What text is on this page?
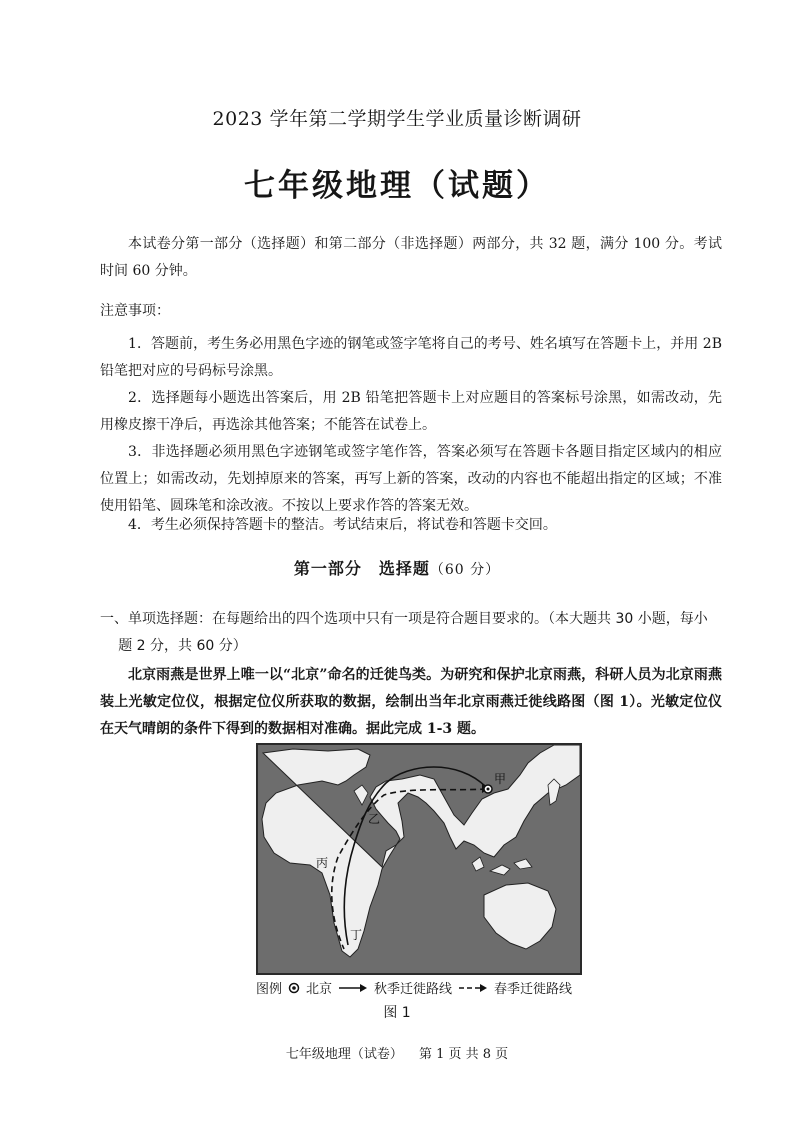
2023 学年第二学期学生学业质量诊断调研
七年级地理（试题）
本试卷分第一部分（选择题）和第二部分（非选择题）两部分，共 32 题，满分 100 分。考试时间 60 分钟。
注意事项：
1．答题前，考生务必用黑色字迹的钢笔或签字笔将自己的考号、姓名填写在答题卡上，并用 2B 铅笔把对应的号码标号涂黑。
2．选择题每小题选出答案后，用 2B 铅笔把答题卡上对应题目的答案标号涂黑，如需改动，先用橡皮擦干净后，再选涂其他答案；不能答在试卷上。
3．非选择题必须用黑色字迹钢笔或签字笔作答，答案必须写在答题卡各题目指定区域内的相应位置上；如需改动，先划掉原来的答案，再写上新的答案，改动的内容也不能超出指定的区域；不准使用铅笔、圆珠笔和涂改液。不按以上要求作答的答案无效。
4．考生必须保持答题卡的整洁。考试结束后，将试卷和答题卡交回。
第一部分　选择题（60 分）
一、单项选择题：在每题给出的四个选项中只有一项是符合题目要求的。（本大题共 30 小题，每小
题 2 分，共 60 分）
北京雨燕是世界上唯一以“北京”命名的迁徙鸟类。为研究和保护北京雨燕，科研人员为北京雨燕装上光敏定位仪，根据定位仪所获取的数据，绘制出当年北京雨燕迁徙线路图（图 1）。光敏定位仪在天气晴朗的条件下得到的数据相对准确。据此完成 1-3 题。
甲
乙
丙
丁
图例 北京	秋季迁徙路线	春季迁徙路线
图 1
七年级地理（试卷） 第 1 页 共 8 页
